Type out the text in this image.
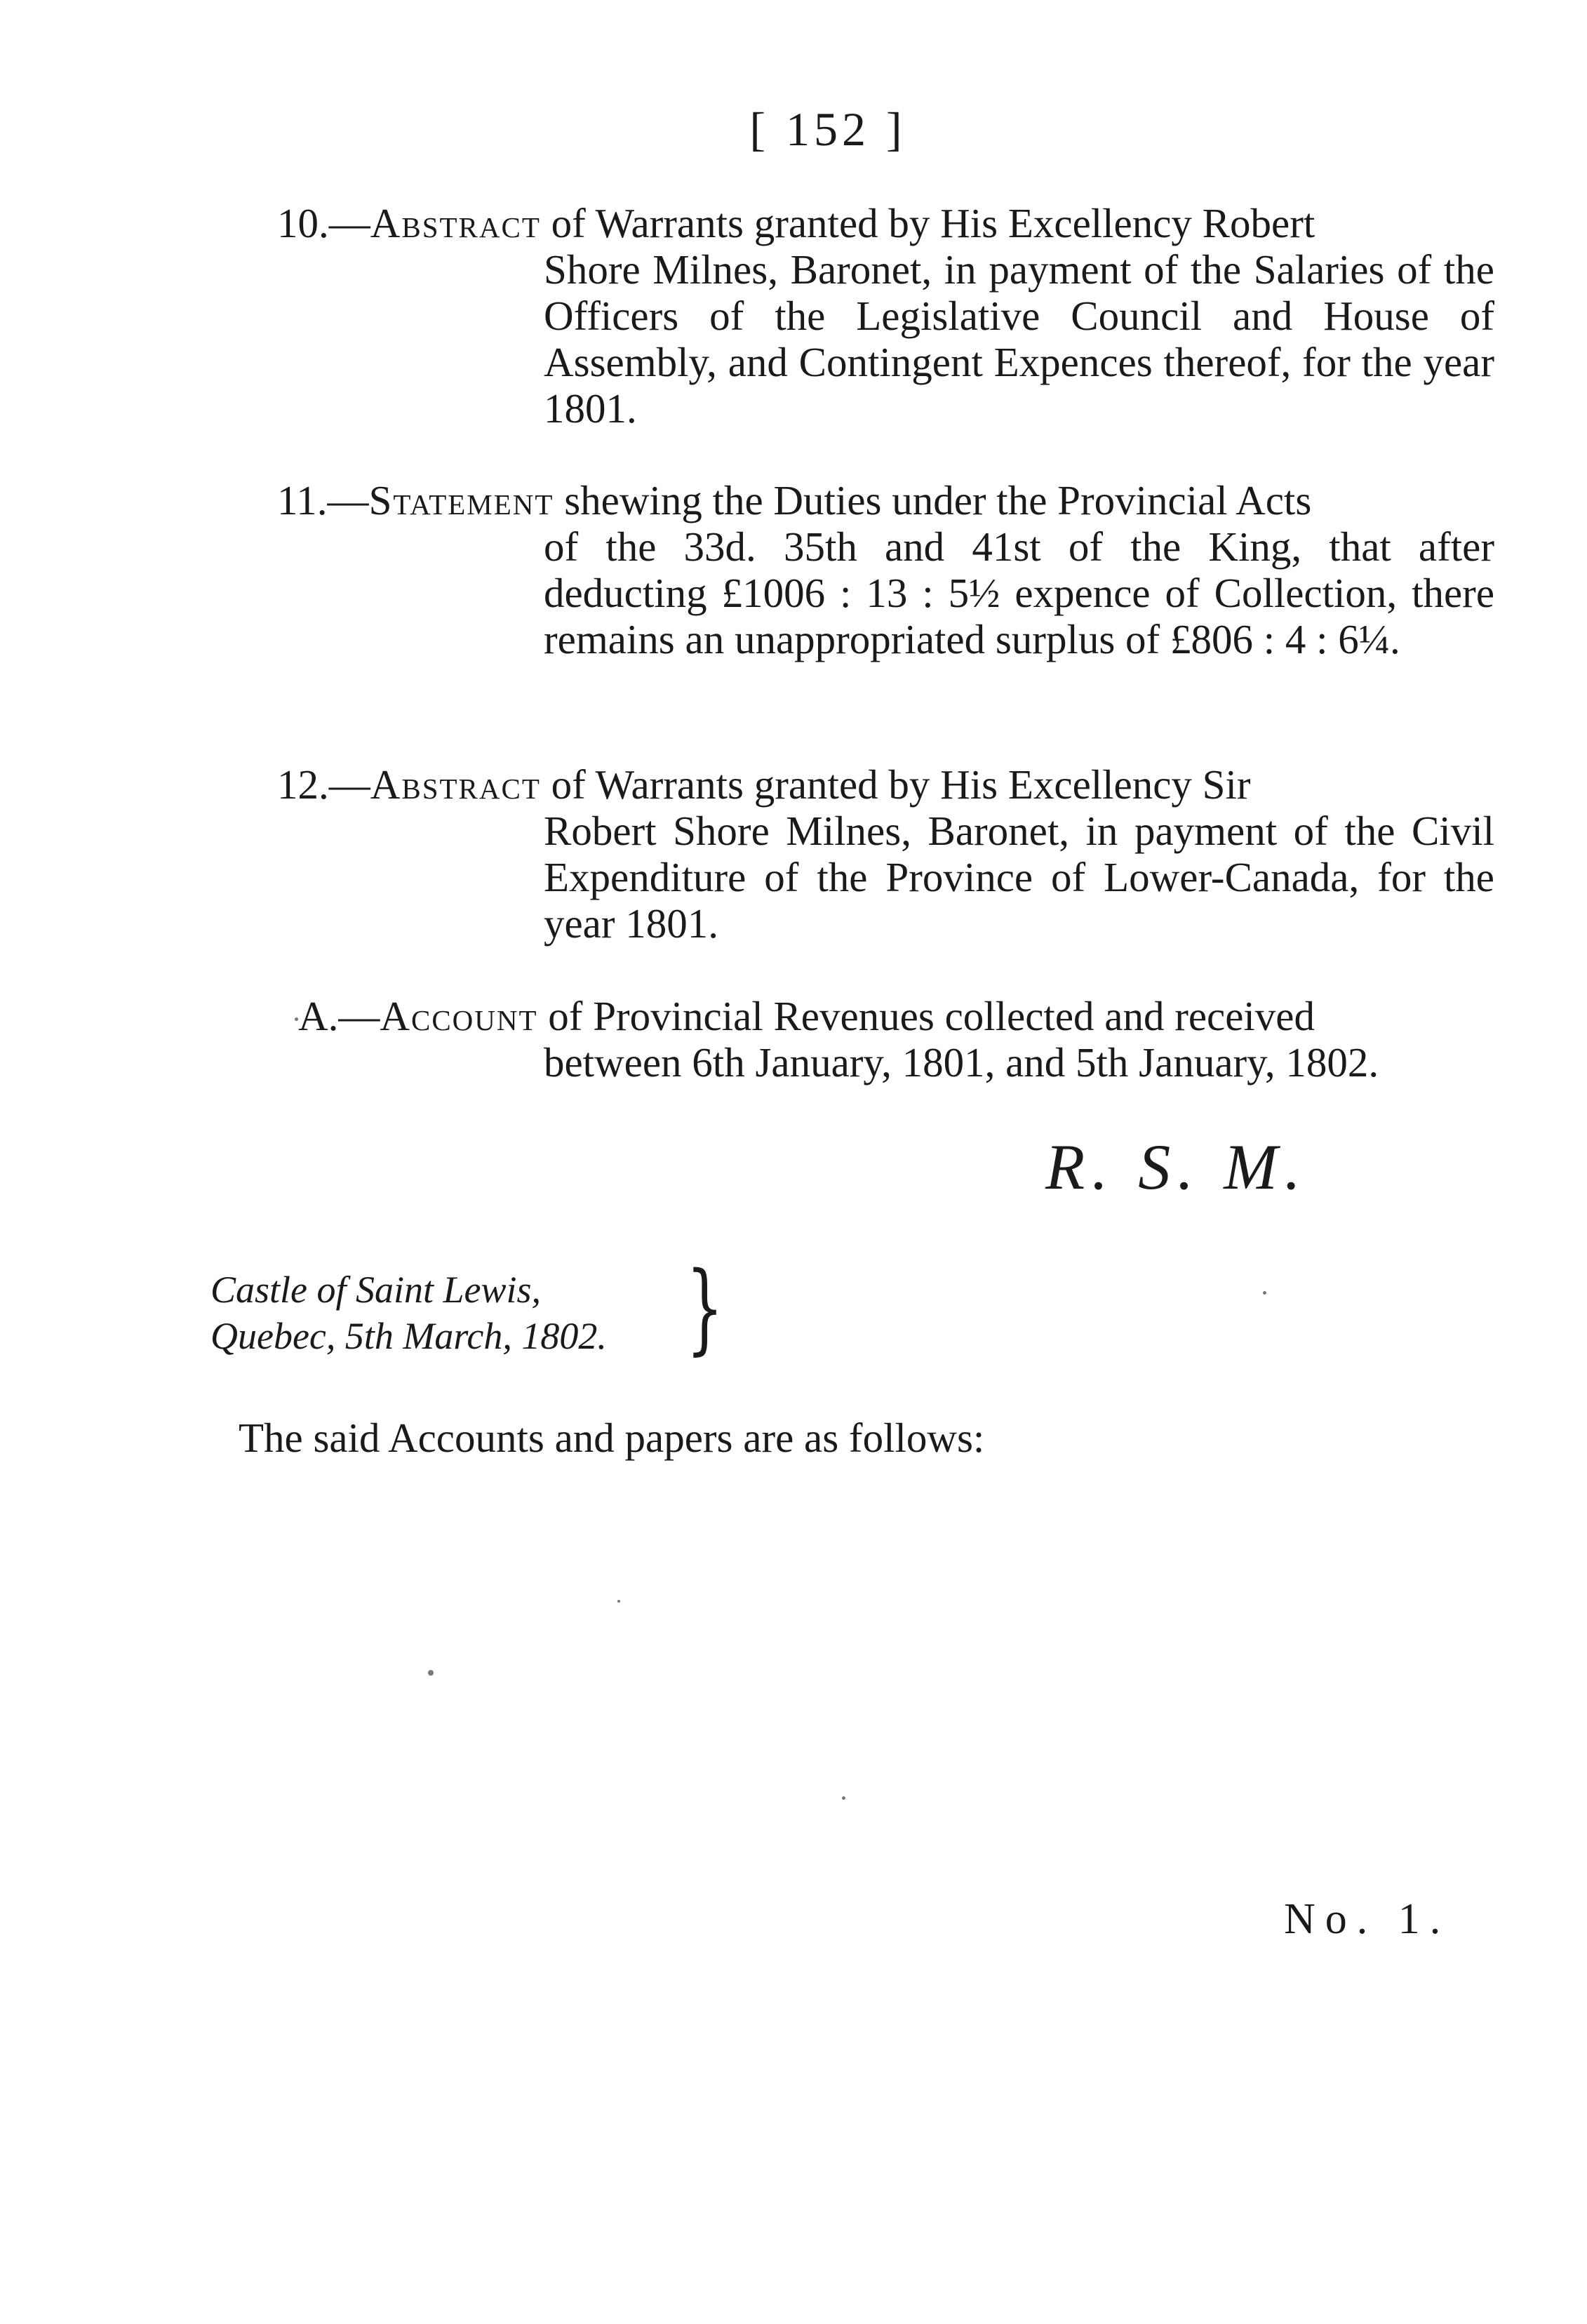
[ 152 ]
10.—Abstract of Warrants granted by His Excellency Robert
Shore Milnes, Baronet, in payment of the Salaries of the Officers of the Legislative Council and House of Assembly, and Contingent Expences thereof, for the year 1801.
11.—Statement shewing the Duties under the Provincial Acts
of the 33d. 35th and 41st of the King, that after deducting £1006 : 13 : 5½ expence of Collection, there remains an unappropriated surplus of £806 : 4 : 6¼.
12.—Abstract of Warrants granted by His Excellency Sir
Robert Shore Milnes, Baronet, in payment of the Civil Expenditure of the Province of Lower-Canada, for the year 1801.
A.—Account of Provincial Revenues collected and received
between 6th January, 1801, and 5th January, 1802.
R. S. M.
Castle of Saint Lewis,
Quebec, 5th March, 1802. }
The said Accounts and papers are as follows:
No. 1.
